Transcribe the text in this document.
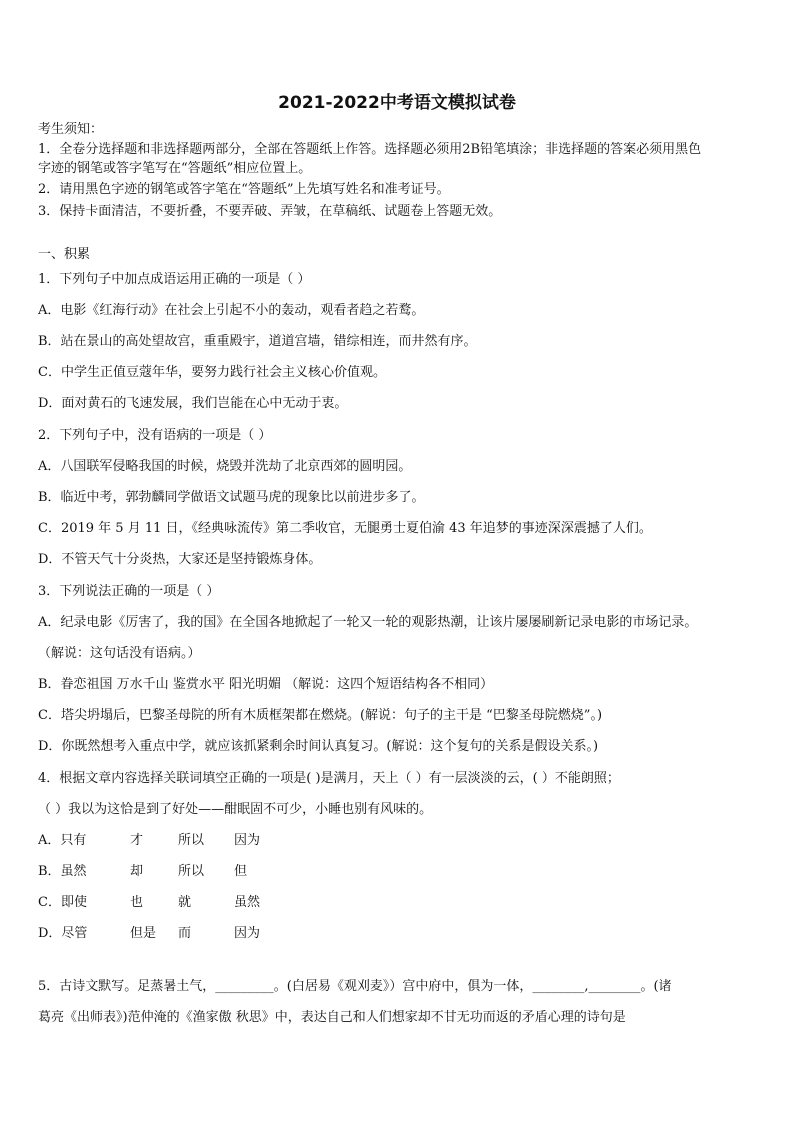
2021-2022中考语文模拟试卷
考生须知：
1．全卷分选择题和非选择题两部分，全部在答题纸上作答。选择题必须用2B铅笔填涂；非选择题的答案必须用黑色
字迹的钢笔或答字笔写在“答题纸”相应位置上。
2．请用黑色字迹的钢笔或答字笔在“答题纸”上先填写姓名和准考证号。
3．保持卡面清洁，不要折叠，不要弄破、弄皱，在草稿纸、试题卷上答题无效。
一、积累
1．下列句子中加点成语运用正确的一项是（ ）
A．电影《红海行动》在社会上引起不小的轰动，观看者趋之若鹜。
B．站在景山的高处望故宫，重重殿宇，道道宫墙，错综相连，而井然有序。
C．中学生正值豆蔻年华，要努力践行社会主义核心价值观。
D．面对黄石的飞速发展，我们岂能在心中无动于衷。
2．下列句子中，没有语病的一项是（ ）
A．八国联军侵略我国的时候，烧毁并洗劫了北京西郊的圆明园。
B．临近中考，郭勃麟同学做语文试题马虎的现象比以前进步多了。
C．2019 年 5 月 11 日，《经典咏流传》第二季收官，无腿勇士夏伯渝 43 年追梦的事迹深深震撼了人们。
D．不管天气十分炎热，大家还是坚持锻炼身体。
3．下列说法正确的一项是（ ）
A．纪录电影《厉害了，我的国》在全国各地掀起了一轮又一轮的观影热潮，让该片屡屡刷新记录电影的市场记录。
（解说：这句话没有语病。）
B．眷恋祖国 万水千山 鉴赏水平 阳光明媚 （解说：这四个短语结构各不相同）
C．塔尖坍塌后，巴黎圣母院的所有木质框架都在燃烧。(解说：句子的主干是 “巴黎圣母院燃烧”。)
D．你既然想考入重点中学，就应该抓紧剩余时间认真复习。(解说：这个复句的关系是假设关系。)
4．根据文章内容选择关联词填空正确的一项是( )是满月，天上（ ）有一层淡淡的云，( ）不能朗照；
（ ）我以为这恰是到了好处——酣眠固不可少，小睡也别有风味的。
A．只有	才	所以 因为
B．虽然	却	所以 但
C．即使	也	就	虽然
D．尽管	但是 而	因为
5．古诗文默写。足蒸暑土气，_________。(白居易《观刈麦》）宫中府中，俱为一体，________,________。(诸
葛亮《出师表》)范仲淹的《渔家傲 秋思》中，表达自己和人们想家却不甘无功而返的矛盾心理的诗句是
